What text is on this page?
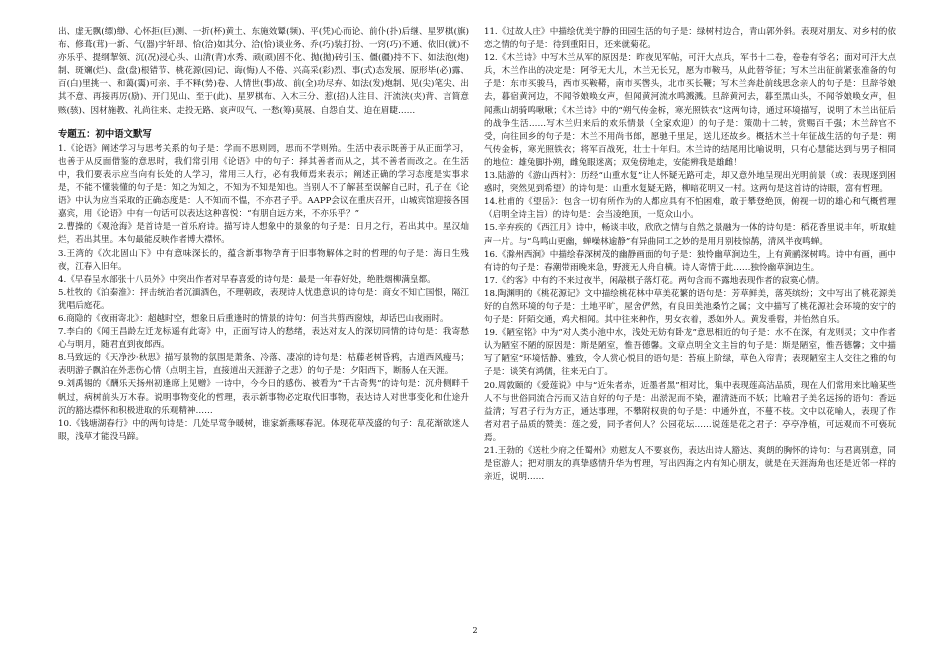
出、虚无飘(缥)缈、心怀拒(巨)测、一折(杯)黄土、东施效颦(频)、平(凭)心而论、前仆(扑)后继、星罗棋(旗)布、修葺(茸)一新、气(器)宇轩昂、恰(洽)如其分、洽(恰)谈业务、乔(巧)装打扮、一窍(巧)不通、依旧(就)不亦乐乎、提纲挈领、沉(况)浸心头、山清(青)水秀、顽(顽)固不化、抛(拋)砖引玉、僵(疆)持不下、如法泡(炮)制、斑斓(烂)、盘(盘)根错节、桃花源(园)记、诲(悔)人不倦、兴高采(彩)烈、事(式)态发展、原形毕(必)露、百(白)里挑一、和蔼(霭)可亲、手不释(势)卷、人情世(事)故、前(全)功尽弃、如法(发)炮制、见(尖)笔尖、出其不意、再接再厉(励)、开门见山、至于(此)、星罗棋布、入木三分、惹(招)人注目、汗流浃(夹)背、言简意赅(骇)、因材施教、礼尚往来、走投无路、哀声叹气、一愁(筹)莫展、自怨自艾、迫在眉睫……

专题五：初中语文默写

1.《论语》阐述学习与思考关系的句子是：学而不思则罔，思而不学则殆。生活中表示既善于从正面学习，也善于从反面借鉴的意思时，我们常引用《论语》中的句子：择其善者而从之，其不善者而改之。在生活中，我们要表示应当向有长处的人学习，常用三人行，必有我师焉来表示；阐述正确的学习态度是实事求是，不能不懂装懂的句子是：知之为知之，不知为不知是知也。当别人不了解甚至误解自己时，孔子在《论语》中认为应当采取的正确态度是：人不知而不愠，不亦君子乎。AAPP会议在重庆召开，山城宾馆迎接各国嘉宾，用《论语》中有一句话可以表达这种喜悦：“有朋自远方来，不亦乐乎？”

2.曹操的《观沧海》是首诗是一首乐府诗。描写诗人想象中的景象的句子是：日月之行，若出其中。星汉灿烂，若出其里。本句最能反映作者博大襟怀。

3.王湾的《次北固山下》中有意味深长的，蕴含新事物孕育于旧事物解体之时的哲理的句子是：海日生残夜，江春入旧年。

4.《早春呈水部张十八员外》中突出作者对早春喜爱的诗句是：最是一年春好处，绝胜烟柳满皇都。

5.杜牧的《泊秦淮》：抨击统治者沉湎酒色，不理朝政，表现诗人忧患意识的诗句是：商女不知亡国恨，隔江犹唱后庭花。

6.商隐的《夜雨寄北》：超越时空，想象日后重逢时的情景的诗句：何当共剪西窗烛，却话巴山夜雨时。

7.李白的《闻王昌龄左迁龙标遥有此寄》中，正面写诗人的愁绪，表达对友人的深切同情的诗句是：我寄愁心与明月，随君直到夜郎西。

8.马致远的《天净沙·秋思》描写景物的氛围是萧条、冷落、凄凉的诗句是：枯藤老树昏鸦，古道西风瘦马；表明游子飘泊在外悲伤心情（点明主旨，直接道出天涯游子之悲）的句子是：夕阳西下，断肠人在天涯。

9.刘禹锡的《酬乐天扬州初逢席上见赠》一诗中，今今日的感伤、被看为“千古奇隽”的诗句是：沉舟侧畔千帆过，病树前头万木春。说明事物变化的哲理，表示新事物必定取代旧事物，表达诗人对世事变化和仕途升沉的豁达襟怀和积极进取的乐观精神……

10.《钱塘湖春行》中的两句诗是：几处早莺争暖树，谁家新燕啄春泥。体现花草茂盛的句子：乱花渐欲迷人眼，浅草才能没马蹄。

11.《过故人庄》中描绘优美宁静的田园生活的句子是：绿树村边合，青山郭外斜。表现对朋友、对乡村的依恋之情的句子是：待到重阳日，还来就菊花。

12.《木兰诗》中写木兰从军的原因是：昨夜见军帖，可汗大点兵，军书十二卷，卷卷有爷名；面对可汗大点兵，木兰作出的决定是：阿爷无大儿，木兰无长兄，愿为市鞍马，从此替爷征；写木兰出征前紧张准备的句子是：东市买骏马，西市买鞍鞯，南市买辔头，北市买长鞭；写木兰奔赴前线思念亲人的句子是：旦辞爷娘去，暮宿黄河边，不闻爷娘唤女声，但闻黄河流水鸣溅溅。旦辞黄河去，暮至黑山头，不闻爷娘唤女声，但闻燕山胡骑鸣啾啾；《木兰诗》中的“朔气传金柝，寒光照铁衣”这两句诗，通过环境描写，说明了木兰出征后的战争生活……写木兰归来后的欢乐情景（全家欢迎）的句子是：策勋十二转，赏赐百千强；木兰辞官不受，向往回乡的句子是：木兰不用尚书郎，愿驰千里足，送儿还故乡。概括木兰十年征战生活的句子是：朔气传金柝，寒光照铁衣；将军百战死，壮士十年归。木兰诗的结尾用比喻说明，只有心慧能达到与男子相同的地位：雄兔脚扑朔，雌兔眼迷离；双兔傍地走，安能辨我是雄雌！

13.陆游的《游山西村》：历经“山重水复”让人怀疑无路可走，却又意外地呈现出光明前景（或：表现逐到困惑时，突然见到希望）的诗句是：山重水复疑无路，柳暗花明又一村。这两句是这首诗的诗眼，富有哲理。

14.杜甫的《望岳》：包含一切有所作为的人都应具有不怕困难，敢于攀登绝顶，俯视一切的雄心和气概哲理（启明全诗主旨）的诗句是：会当凌绝顶，一览众山小。

15.辛弃疾的《西江月》诗中，畅谈丰收，欣欣之情与自然之景融为一体的诗句是：稻花香里说丰年，听取蛙声一片。与“鸟鸣山更幽，蝉噪林逾静”有异曲同工之妙的是用月别枝惊鹊，清风半夜鸣蝉。

16.《滁州西涧》中描绘春深树茂的幽静画面的句子是：独怜幽草涧边生，上有黄鹂深树鸣。诗中有画，画中有诗的句子是：春潮带雨晚来急，野渡无人舟自横。诗人寄情于此……独怜幽草涧边生。

17.《约客》中有约不来过夜半，闲敲棋子落灯花。两句含而不露地表现作者的寂寞心情。

18.陶渊明的《桃花源记》文中描绘桃花林中草美花繁的语句是：芳草鲜美，落英缤纷；文中写出了桃花源美好的自然环境的句子是：土地平旷，屋舍俨然，有良田美池桑竹之属；文中描写了桃花源社会环境的安宁的句子是：阡陌交通，鸡犬相闻。其中往来种作，男女衣着，悉如外人。黄发垂髫，并怡然自乐。

19.《陋室铭》中为“对人类小池中水，浅处无妨有卧龙”意思相近的句子是：水不在深，有龙则灵；文中作者认为陋室不陋的原因是：斯是陋室，惟吾德馨。文章点明全文主旨的句子是：斯是陋室，惟吾德馨；文中描写了陋室“环境恬静、雅致，令人赏心悦目的语句是：苔痕上阶绿，草色入帘青；表现陋室主人交往之雅的句子是：谈笑有鸿儒，往来无白丁。

20.周敦颐的《爱莲说》中与“近朱者赤，近墨者黑”相对比，集中表现莲高洁品质，现在人们常用来比喻某些人不与世俗同流合污而又洁自好的句子是：出淤泥而不染，濯清涟而不妖；比喻君子美名远扬的语句：香远益清；写君子行为方正，通达事理，不攀附权贵的句子是：中通外直，不蔓不枝。文中以花喻人，表现了作者对君子品质的赞美：莲之爱，同予者何人？公园花坛……说莲是花之君子：亭亭净植，可远观而不可亵玩焉。

21.王勃的《送杜少府之任蜀州》劝慰友人不要哀伤，表达出诗人豁达、爽朗的胸怀的诗句：与君离别意，同是宦游人；把对朋友的真挚感情升华为哲理，写出四海之内有知心朋友，就是在天涯海角也还是近邻一样的亲近，说明……

2
